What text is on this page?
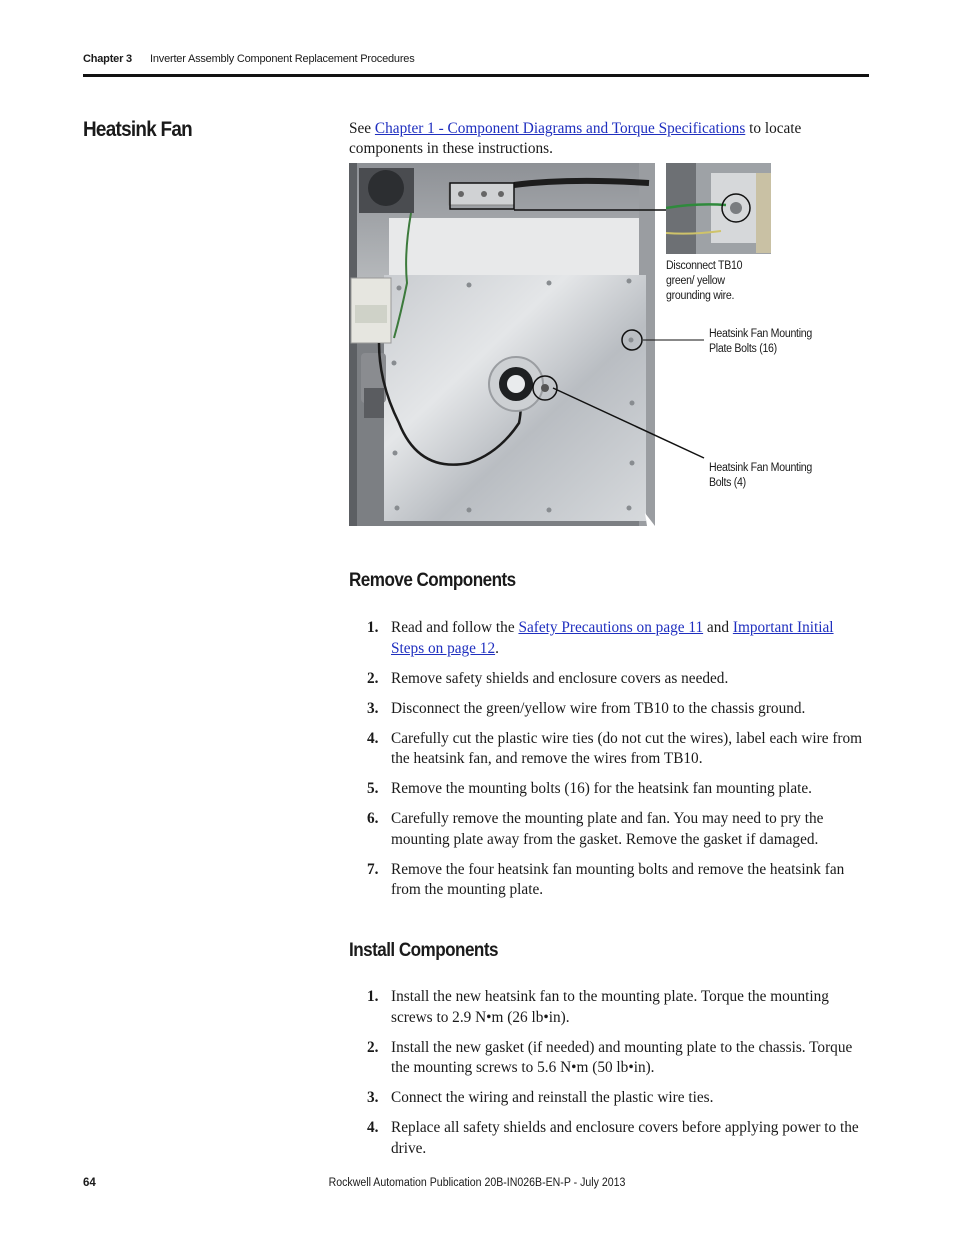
Chapter 3 Inverter Assembly Component Replacement Procedures
Heatsink Fan	See Chapter 1 - Component Diagrams and Torque Specifications to locate components in these instructions.
Disconnect TB10 green/ yellow grounding wire.
Heatsink Fan Mounting Plate Bolts (16)
Heatsink Fan Mounting Bolts (4)
Remove Components
1. Read and follow the Safety Precautions on page 11 and Important Initial Steps on page 12.
2. Remove safety shields and enclosure covers as needed.
3. Disconnect the green/yellow wire from TB10 to the chassis ground.
4. Carefully cut the plastic wire ties (do not cut the wires), label each wire from the heatsink fan, and remove the wires from TB10.
5. Remove the mounting bolts (16) for the heatsink fan mounting plate.
6. Carefully remove the mounting plate and fan. You may need to pry the mounting plate away from the gasket. Remove the gasket if damaged.
7. Remove the four heatsink fan mounting bolts and remove the heatsink fan from the mounting plate.
Install Components
1. Install the new heatsink fan to the mounting plate. Torque the mounting screws to 2.9 N•m (26 lb•in).
2. Install the new gasket (if needed) and mounting plate to the chassis. Torque the mounting screws to 5.6 N•m (50 lb•in).
3. Connect the wiring and reinstall the plastic wire ties.
4. Replace all safety shields and enclosure covers before applying power to the drive.
64	Rockwell Automation Publication 20B-IN026B-EN-P - July 2013
